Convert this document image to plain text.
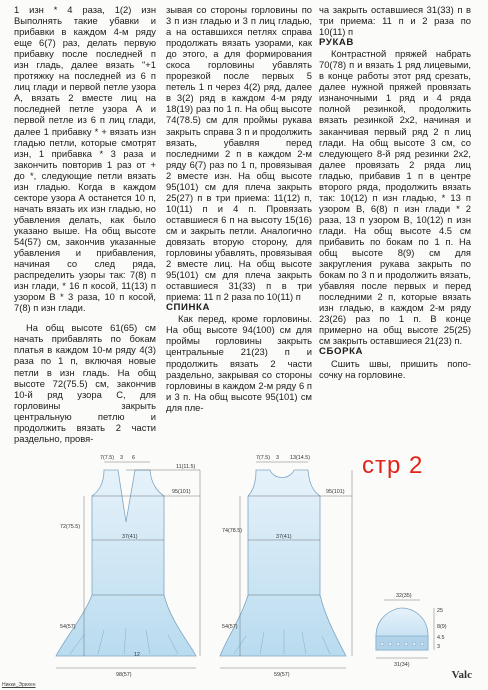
1 изн * 4 раза, 1(2) изн Выполнять такие убавки и прибавки в каждом 4-м ряду еще 6(7) раз, делать первую прибавку после последней п изн гладь, далее вязать "+1 протяжку на последней из 6 п лиц глади и первой петле узора А, вязать 2 вместе лиц на последней петле узора А и первой петле из 6 п лиц глади, далее 1 прибавку * + вязать изн гладью петли, которые смотрят изн, 1 прибавка * 3 раза и закончить повторив 1 раз от + до *, следующие петли вязать изн гладью. Когда в каждом секторе узора А останется 10 п, начать вязать их изн гладью, но убавления делать, как было указано выше. На общ высоте 54(57) см, закончив указанные убавления и прибавления, начиная со след ряда, распределить узоры так: 7(8) п изн глади, * 16 п косой, 11(13) п узором В * 3 раза, 10 п косой, 7(8) п изн глади.

На общ высоте 61(65) см начать прибавлять по бокам платья в каждом 10-м ряду 4(3) раза по 1 п, включая новые петли в изн гладь. На общ высоте 72(75.5) см, закончив 10-й ряд узора С, для горловины закрыть центральную петлю и продолжить вязать 2 части раздельно, провя-

зывая со стороны горловины по 3 п изн гладью и 3 п лиц гладью, а на оставшихся петлях справа продолжать вязать узорами, как до этого, а для формирования скоса горловины убавлять прорезкой после первых 5 петель 1 п через 4(2) ряд, далее в 3(2) ряд в каждом 4-м ряду 18(19) раз по 1 п. На общ высоте 74(78.5) см для проймы рукава закрыть справа 3 п и продолжить вязать, убавляя перед последними 2 п в каждом 2-м ряду 6(7) раз по 1 п, провязывая 2 вместе изн. На общ высоте 95(101) см для плеча закрыть 25(27) п в три приема: 11(12) п, 10(11) п и 4 п. Провязать оставшиеся 6 п на высоту 15(16) см и закрыть петли. Аналогично довязать вторую сторону, для горловины убавлять, провязывая 2 вместе лиц. На общ высоте 95(101) см для плеча закрыть оставшиеся 31(33) п в три приема: 11 п 2 раза по 10(11) п

СПИНКА

Как перед, кроме горловины. На общ высоте 94(100) см для проймы горловины закрыть центральные 21(23) п и продолжить вязать 2 части раздельно, закрывая со стороны горловины в каждом 2-м ряду 6 п и 3 п. На общ высоте 95(101) см для пле-

ча закрыть оставшиеся 31(33) п в три приема: 11 п и 2 раза по 10(11) п

РУКАВ

Контрастной пряжей набрать 70(78) п и вязать 1 ряд лицевыми, в конце работы этот ряд срезать, далее нужной пряжей провязать изнаночными 1 ряд и 4 ряда полной резинкой, продолжить вязать резинкой 2х2, начиная и заканчивая первый ряд 2 п лиц глади. На общ высоте 3 см, со следующего 8-й ряд резинки 2х2, далее провязать 2 ряда лиц гладью, прибавив 1 п в центре второго ряда, продолжить вязать так: 10(12) п изн гладью, * 13 п узором В, 6(8) п изн глади * 2 раза, 13 п узором В, 10(12) п изн глади. На общ высоте 4.5 см прибавить по бокам по 1 п. На общ высоте 8(9) см для закругления рукава закрыть по бокам по 3 п и продолжить вязать, убавляя после первых и перед последними 2 п, которые вязать изн гладью, в каждом 2-м ряду 23(26) раз по 1 п. В конце примерно на общ высоте 25(25) см закрыть оставшиеся 21(23) п.

СБОРКА

Сшить швы, пришить попо-сочку на горловине.

стр 2
7(7.5) 3 6
11(11.5)
95(101)
72(75.5)
37(41)
54(57)
12
98(57)
7(7.5) 3 13(14.5)
95(101)
74(78.5)
37(41)
54(57)
59(57)
32(35)
25
8(9)
4.5
3
31(34)
Valc
Никки_Эрихен
